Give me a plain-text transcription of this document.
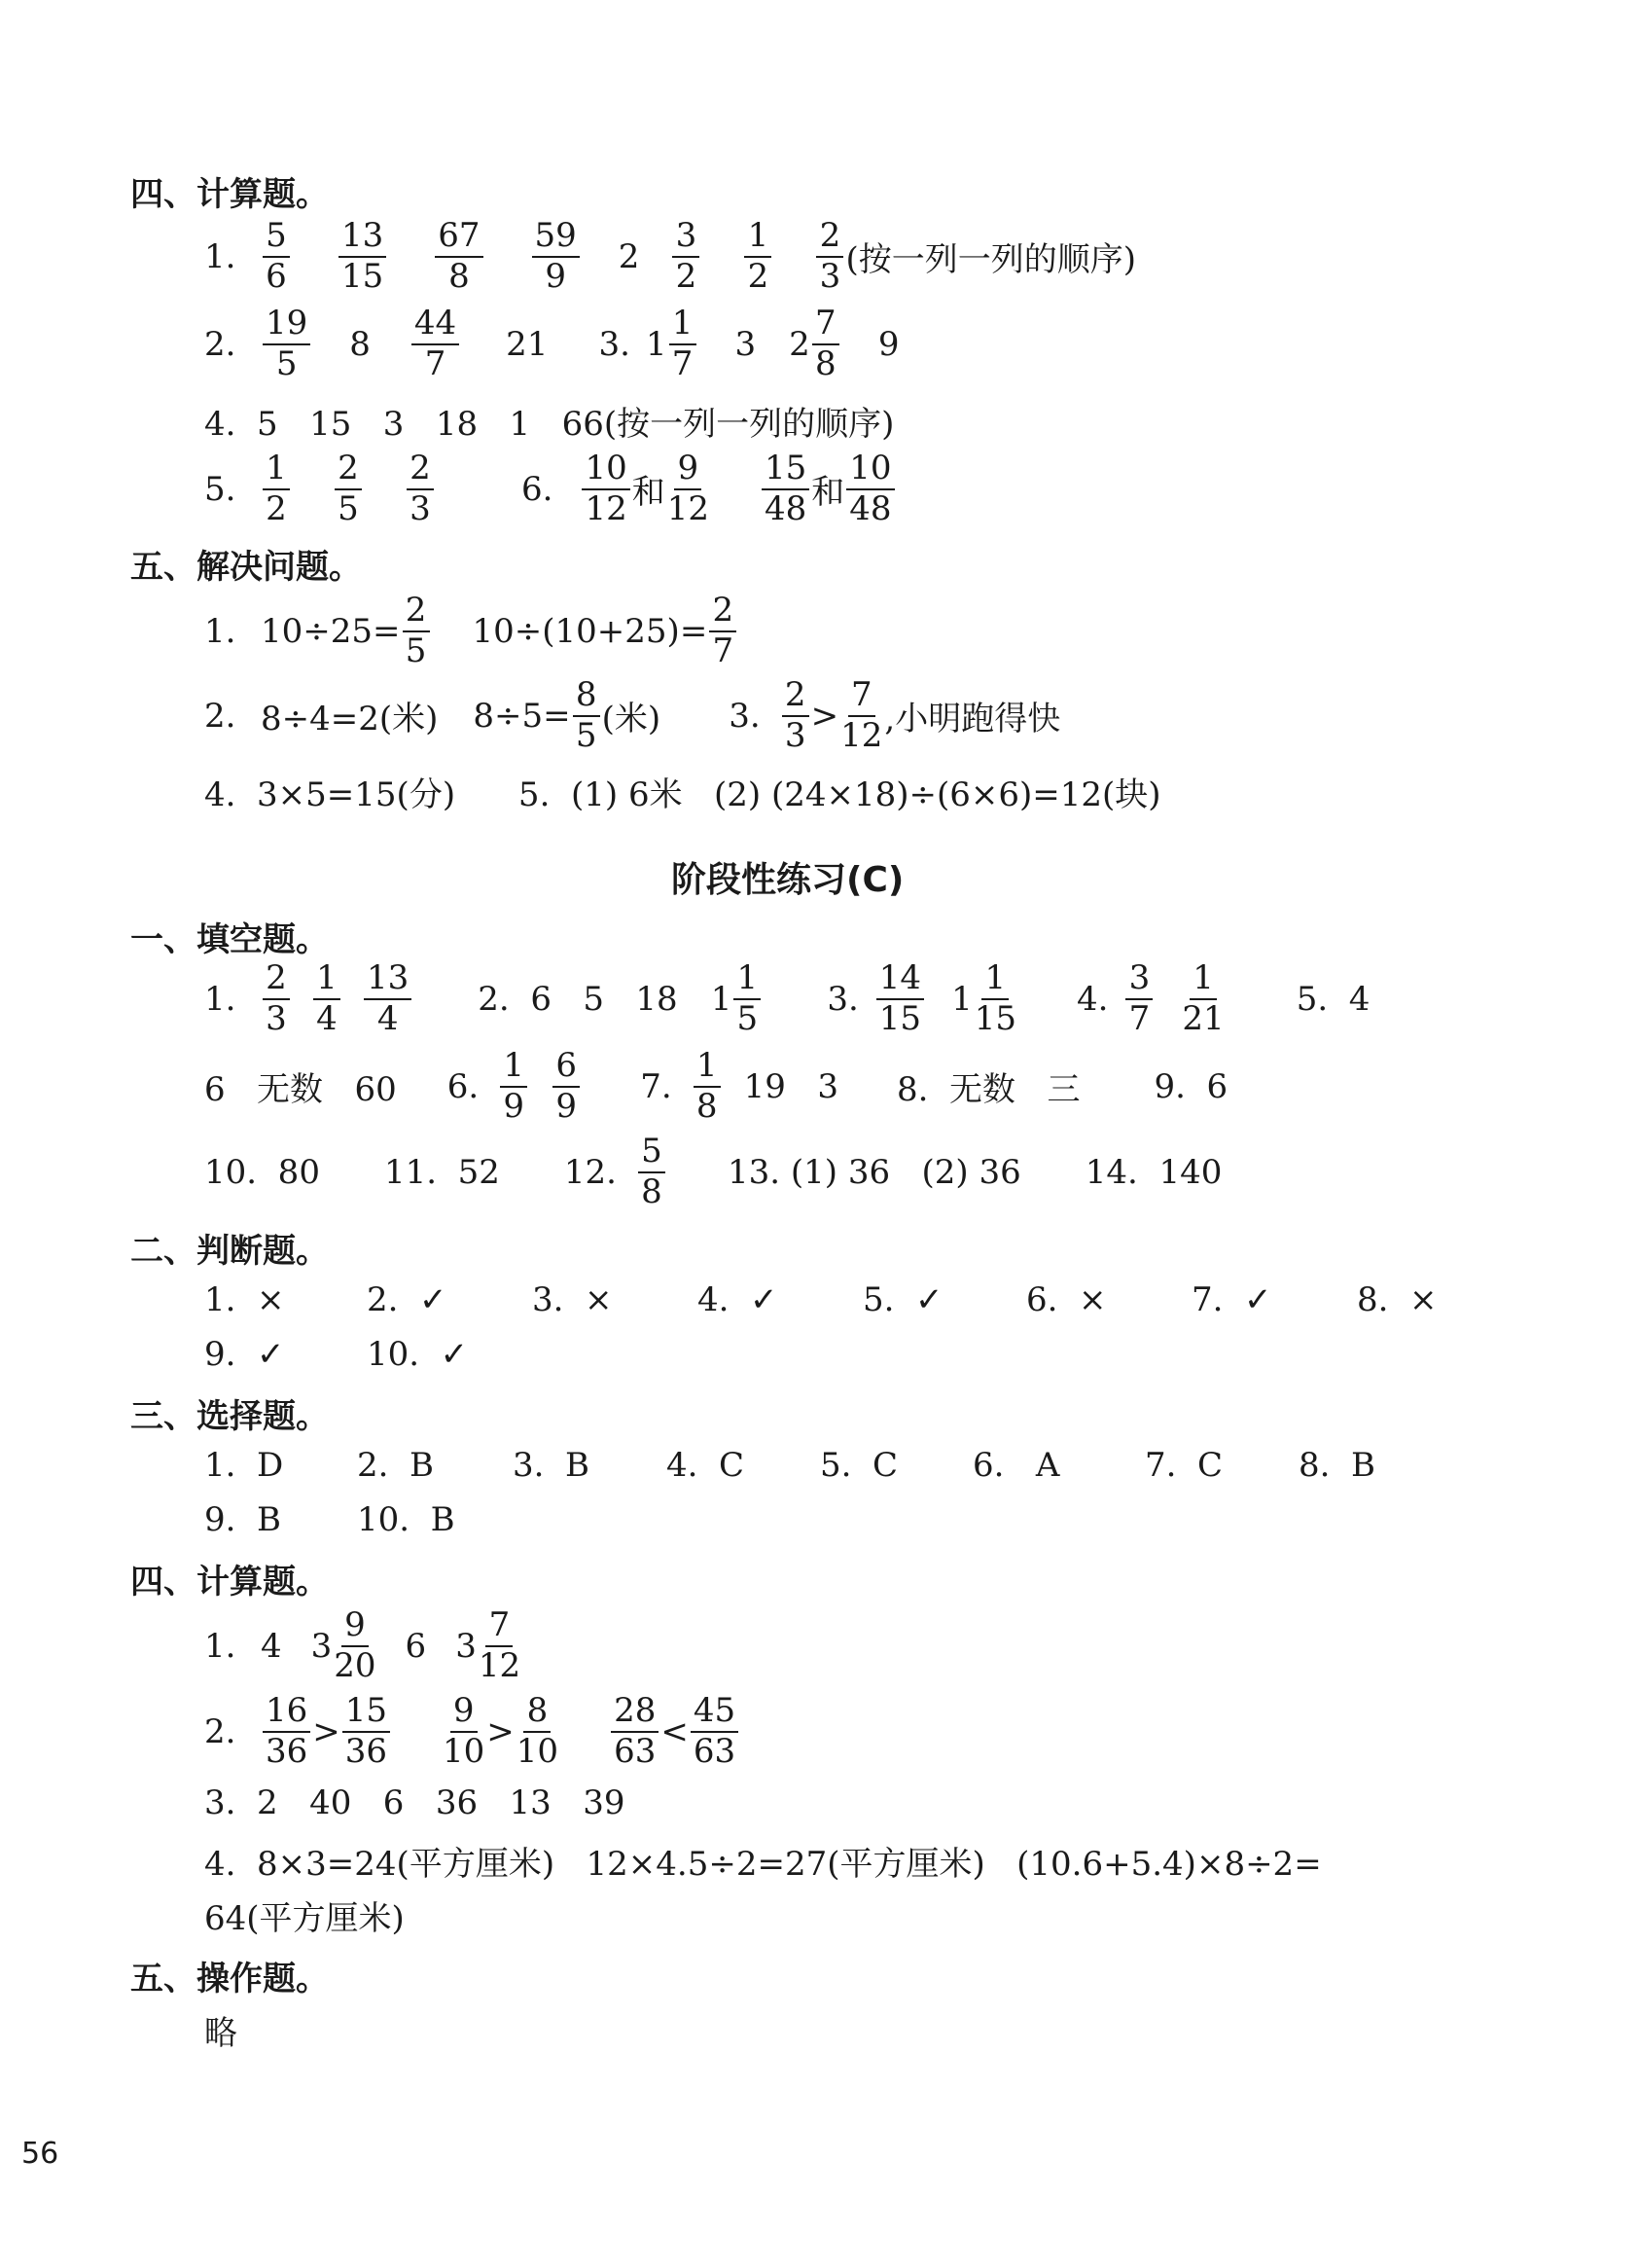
四、计算题。
1.
5
6
13
15
67
8
59
9 2
3
2
1
2
2
3 (按一列一列的顺序)
2.
19
5 8
44
7 21 3. 1
1
7 3 2
7
8 9
4.  5   15   3   18   1   66(按一列一列的顺序)
5.
1
2
2
5
2
3	6.
10
12 和
9
12
15
48 和
10
48
五、解决问题。
1. $10\div 25= \frac{2}{5} 10\div(10+25)= \frac{2}{7}$
2. 8÷4=2(米) $8\div 5= \frac{8}{5}$ (米) 3.
2
3 >
7
12 ,小明跑得快
4.  3×5=15(分)      5.  (1) 6米   (2) (24×18)÷(6×6)=12(块)
阶段性练习(C)
一、填空题。
1.
2
3
1
4
13
4 2.  6   5   18 1
1
5 3.
14
15 1
1
15 4.
3
7
1
21 5.  4
6   无数   60 6.
1
9
6
9 7.
1
8 19   3 8.  无数   三 9.  6
10.  80 11.  52 12.
5
8 13. (1) 36   (2) 36 14.  140
二、判断题。
1.  × 2.  ✓	3.  ×	4.  ✓	5.  ✓	6.  ×	7.  ✓	8.  ×
9.  ✓ 10.  ✓
三、选择题。
1.  D 2.  B 3.  B 4.  C 5.  C 6.   A	7.  C 8.  B
9.  B 10.  B
四、计算题。
1. 4 3
9
20 6 3
7
12
2.
16
36 >
15
36
9
10 >
8
10
28
63 <
45
63
3.  2   40   6   36   13   39
4.  8×3=24(平方厘米)   12×4.5÷2=27(平方厘米)   (10.6+5.4)×8÷2=
64(平方厘米)
五、操作题。
略
56
